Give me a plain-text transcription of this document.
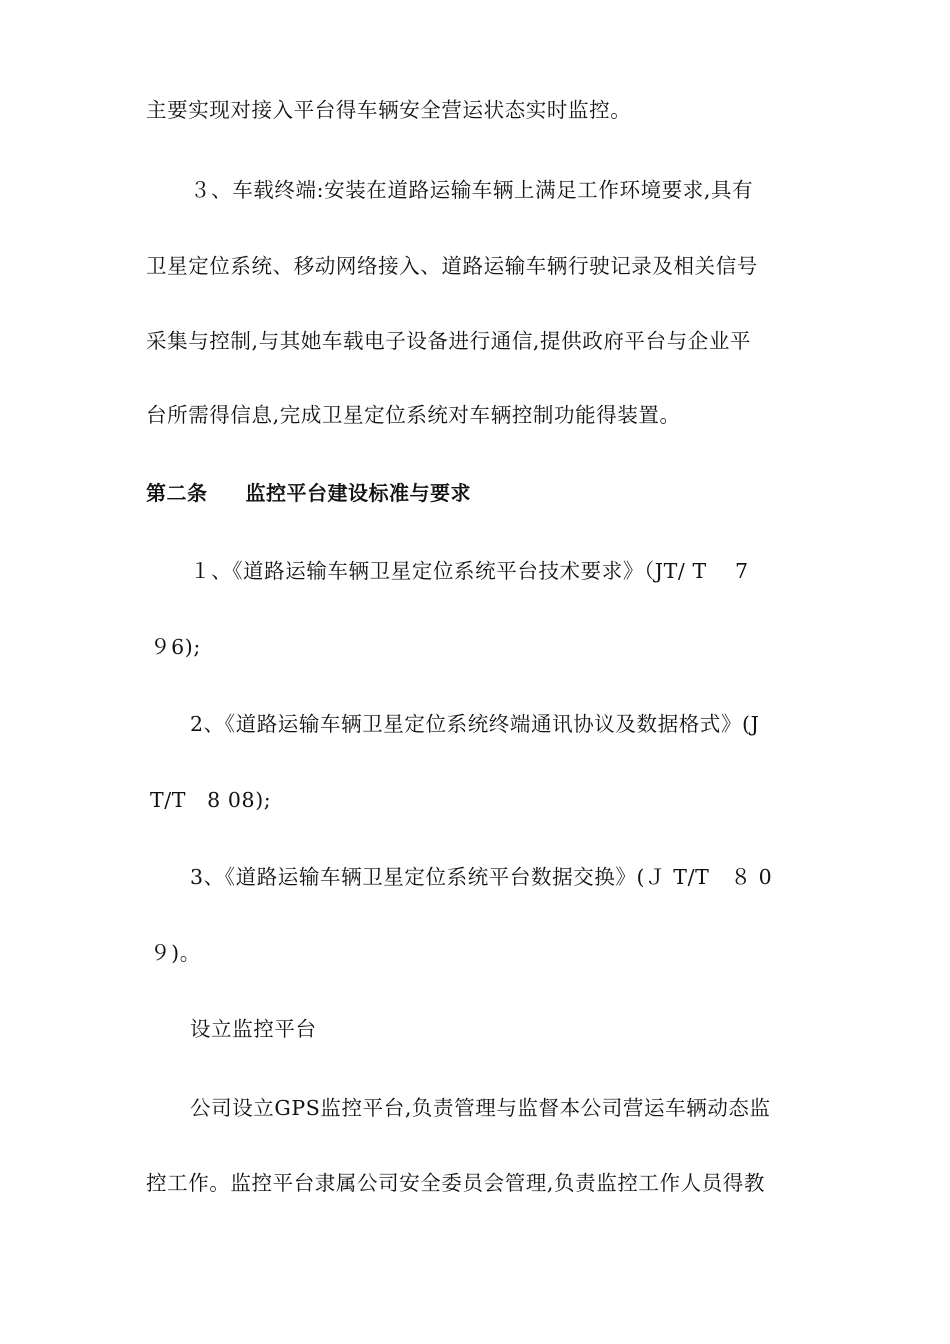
主要实现对接入平台得车辆安全营运状态实时监控。
３、车载终端:安装在道路运输车辆上满足工作环境要求,具有
卫星定位系统、移动网络接入、道路运输车辆行驶记录及相关信号
采集与控制,与其她车载电子设备进行通信,提供政府平台与企业平
台所需得信息,完成卫星定位系统对车辆控制功能得装置。
第二条 监控平台建设标准与要求
１、《道路运输车辆卫星定位系统平台技术要求》（JT/ T　 7
９6);
2、《道路运输车辆卫星定位系统终端通讯协议及数据格式》(J
T/T　8 08);
3、《道路运输车辆卫星定位系统平台数据交换》(Ｊ T/T　８ 0
９)。
设立监控平台
公司设立GPS监控平台,负责管理与监督本公司营运车辆动态监
控工作。监控平台隶属公司安全委员会管理,负责监控工作人员得教
